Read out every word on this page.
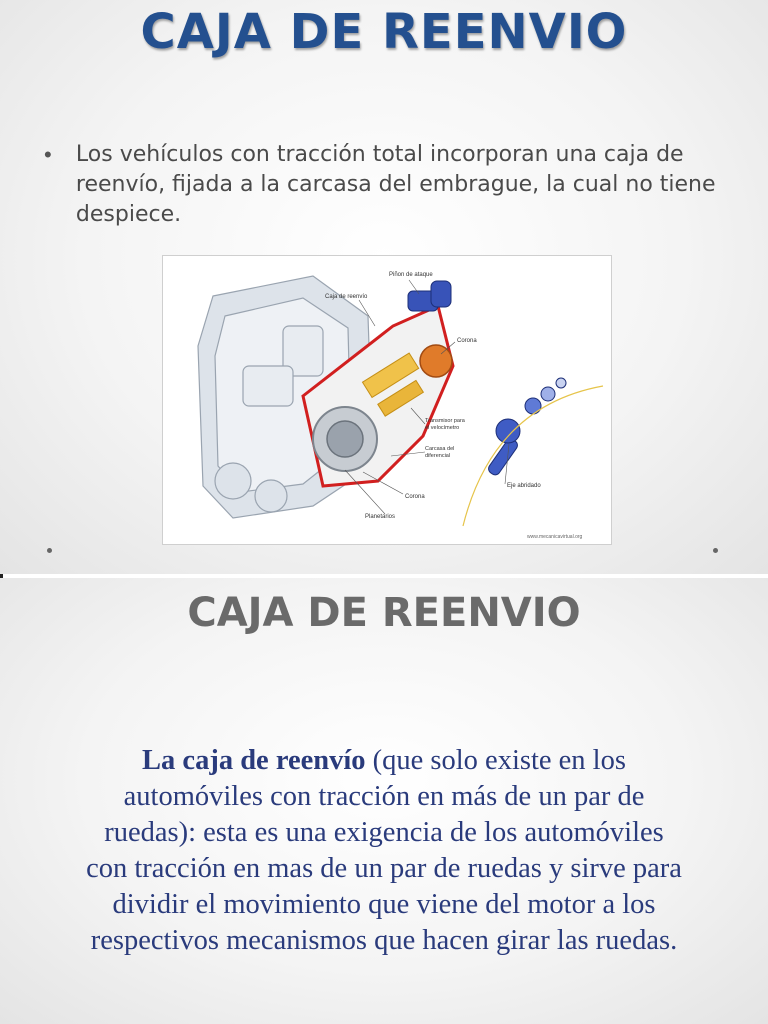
CAJA DE REENVIO
•	Los vehículos con tracción total incorporan una caja de reenvío, fijada a la carcasa del embrague, la cual no tiene despiece.
Piñon de ataque
Caja de reenvío
Corona
Transmisor para
el velocímetro
Carcasa del
diferencial
Eje abridado
Corona
Planetarios
www.mecanicavirtual.org
CAJA DE REENVIO
La caja de reenvío (que solo existe en los automóviles con tracción en más de un par de ruedas): esta es una exigencia de los automóviles con tracción en mas de un par de ruedas y sirve para dividir el movimiento que viene del motor a los respectivos mecanismos que hacen girar las ruedas.
